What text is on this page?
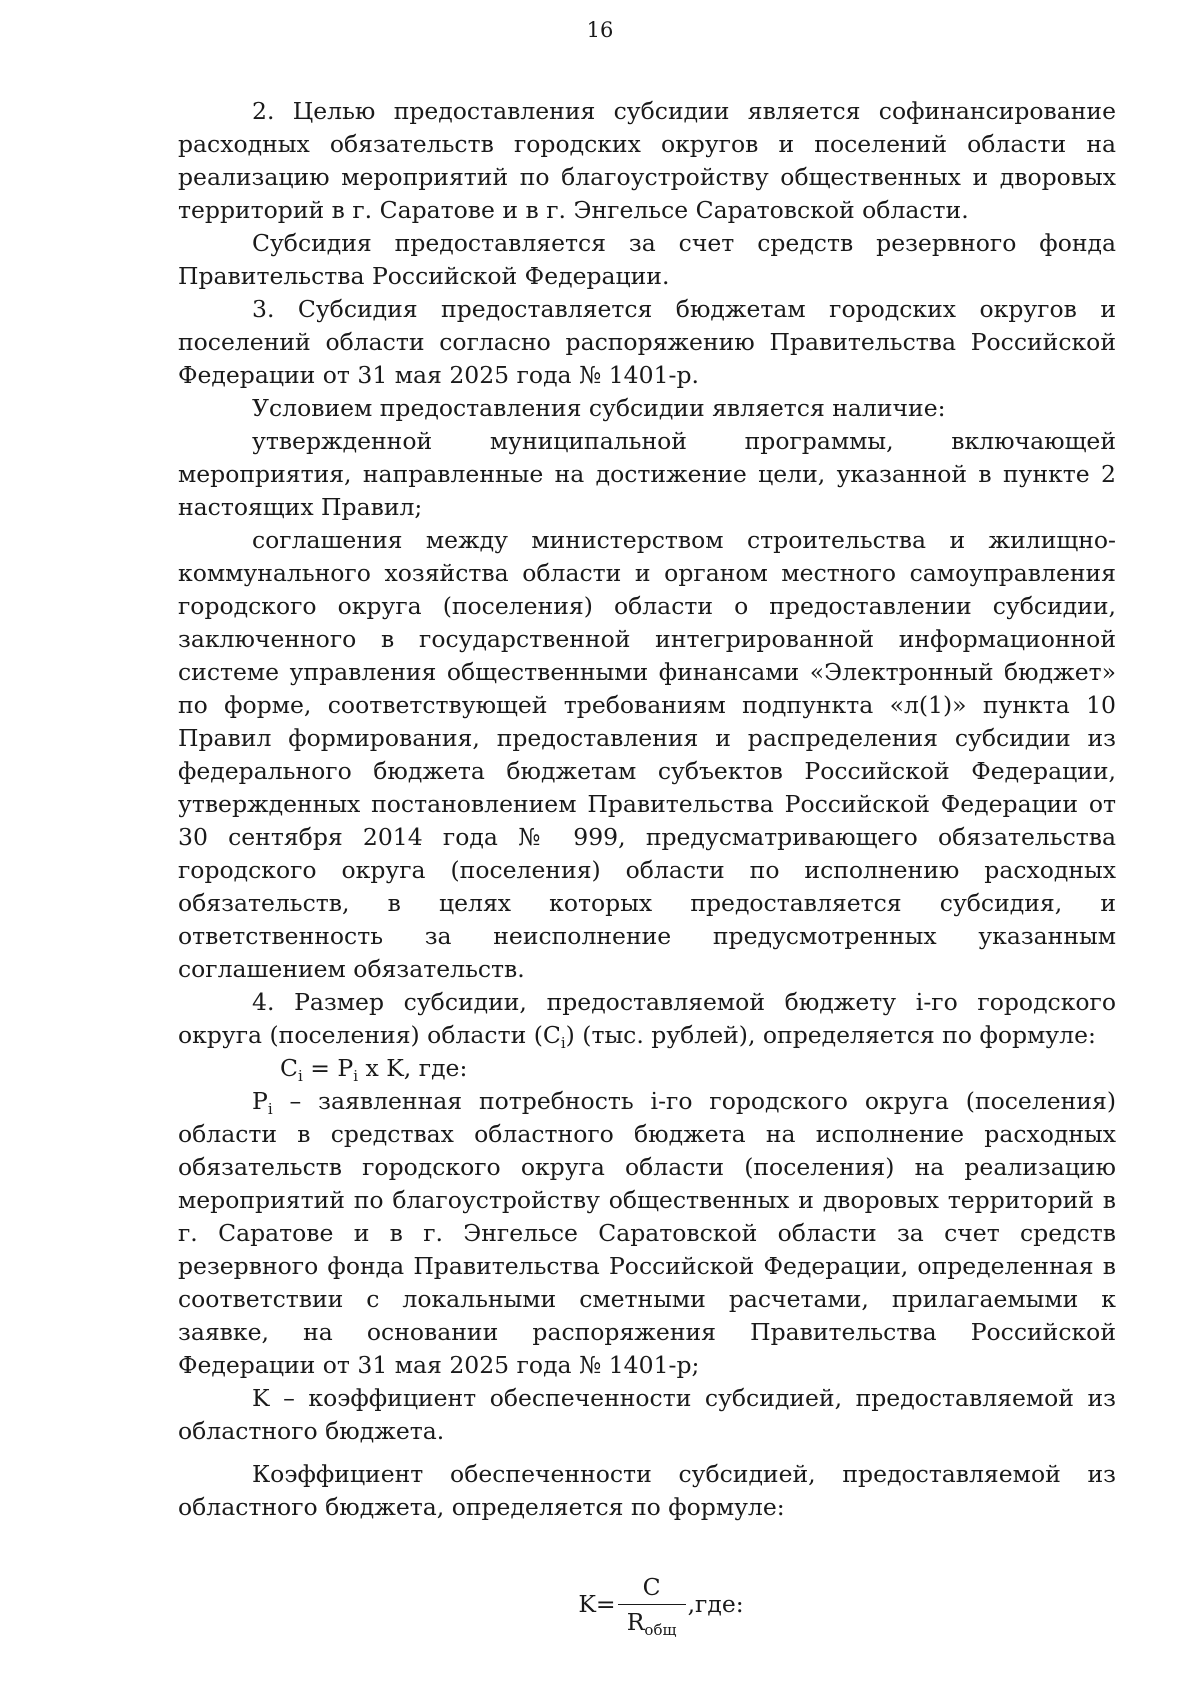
16

2. Целью предоставления субсидии является софинансирование расходных обязательств городских округов и поселений области на реализацию мероприятий по благоустройству общественных и дворовых территорий в г. Саратове и в г. Энгельсе Саратовской области.

Субсидия предоставляется за счет средств резервного фонда Правительства Российской Федерации.

3. Субсидия предоставляется бюджетам городских округов и поселений области согласно распоряжению Правительства Российской Федерации от 31 мая 2025 года № 1401-р.

Условием предоставления субсидии является наличие:

утвержденной муниципальной программы, включающей мероприятия, направленные на достижение цели, указанной в пункте 2 настоящих Правил;

соглашения между министерством строительства и жилищно-коммунального хозяйства области и органом местного самоуправления городского округа (поселения) области о предоставлении субсидии, заключенного в государственной интегрированной информационной системе управления общественными финансами «Электронный бюджет» по форме, соответствующей требованиям подпункта «л(1)» пункта 10 Правил формирования, предоставления и распределения субсидии из федерального бюджета бюджетам субъектов Российской Федерации, утвержденных постановлением Правительства Российской Федерации от 30 сентября 2014 года № 999, предусматривающего обязательства городского округа (поселения) области по исполнению расходных обязательств, в целях которых предоставляется субсидия, и ответственность за неисполнение предусмотренных указанным соглашением обязательств.

4. Размер субсидии, предоставляемой бюджету i-го городского округа (поселения) области $(C_i)$ (тыс. рублей), определяется по формуле:

$C_i = P_i$ x K, где:

$P_i$ – заявленная потребность i-го городского округа (поселения) области в средствах областного бюджета на исполнение расходных обязательств городского округа области (поселения) на реализацию мероприятий по благоустройству общественных и дворовых территорий в г. Саратове и в г. Энгельсе Саратовской области за счет средств резервного фонда Правительства Российской Федерации, определенная в соответствии с локальными сметными расчетами, прилагаемыми к заявке, на основании распоряжения Правительства Российской Федерации от 31 мая 2025 года № 1401-р;

K – коэффициент обеспеченности субсидией, предоставляемой из областного бюджета.

Коэффициент обеспеченности субсидией, предоставляемой из областного бюджета, определяется по формуле:

$K= \frac{C}{R_{общ}} ,где$:
